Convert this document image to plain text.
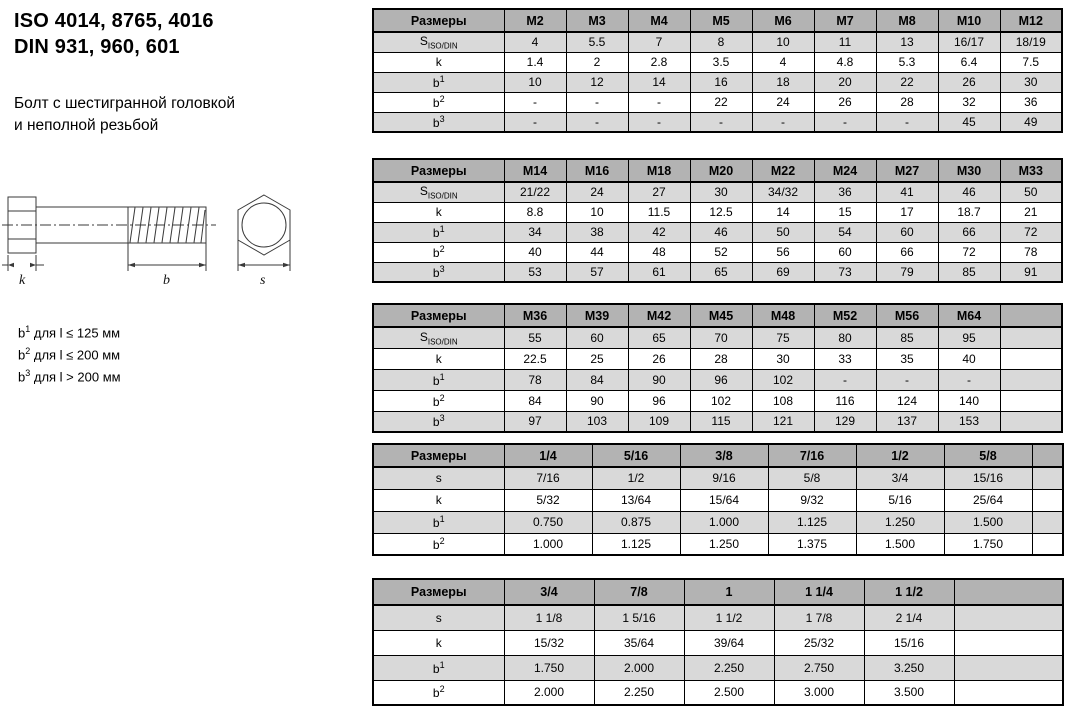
ISO 4014, 8765, 4016
DIN 931, 960, 601
Болт с шестигранной головкой
и неполной резьбой
k	b	s
$b^1$ для l ≤ 125 мм
$b^2$ для l ≤ 200 мм
$b^3$ для l > 200 мм
Размеры	M2	M3	M4	M5	M6	M7	M8	M10	M12
$S_{ISO/DIN}$	4	5.5	7	8	10	11	13	16/17	18/19
k	1.4	2	2.8	3.5	4	4.8	5.3	6.4	7.5
$b^1$	10	12	14	16	18	20	22	26	30
$b^2$	-	-	-	22	24	26	28	32	36
$b^3$	-	-	-	-	-	-	-	45	49
Размеры	M14	M16	M18	M20	M22	M24	M27	M30	M33
$S_{ISO/DIN}$	21/22	24	27	30	34/32	36	41	46	50
k	8.8	10	11.5	12.5	14	15	17	18.7	21
$b^1$	34	38	42	46	50	54	60	66	72
$b^2$	40	44	48	52	56	60	66	72	78
$b^3$	53	57	61	65	69	73	79	85	91
Размеры	M36	M39	M42	M45	M48	M52	M56	M64	
$S_{ISO/DIN}$	55	60	65	70	75	80	85	95	
k	22.5	25	26	28	30	33	35	40	
$b^1$	78	84	90	96	102	-	-	-	
$b^2$	84	90	96	102	108	116	124	140	
$b^3$	97	103	109	115	121	129	137	153	
Размеры	1/4	5/16	3/8	7/16	1/2	5/8	
s	7/16	1/2	9/16	5/8	3/4	15/16	
k	5/32	13/64	15/64	9/32	5/16	25/64	
$b^1$	0.750	0.875	1.000	1.125	1.250	1.500	
$b^2$	1.000	1.125	1.250	1.375	1.500	1.750	
Размеры	3/4	7/8	1	1 1/4	1 1/2	
s	1 1/8	1 5/16	1 1/2	1 7/8	2 1/4	
k	15/32	35/64	39/64	25/32	15/16	
$b^1$	1.750	2.000	2.250	2.750	3.250	
$b^2$	2.000	2.250	2.500	3.000	3.500	
